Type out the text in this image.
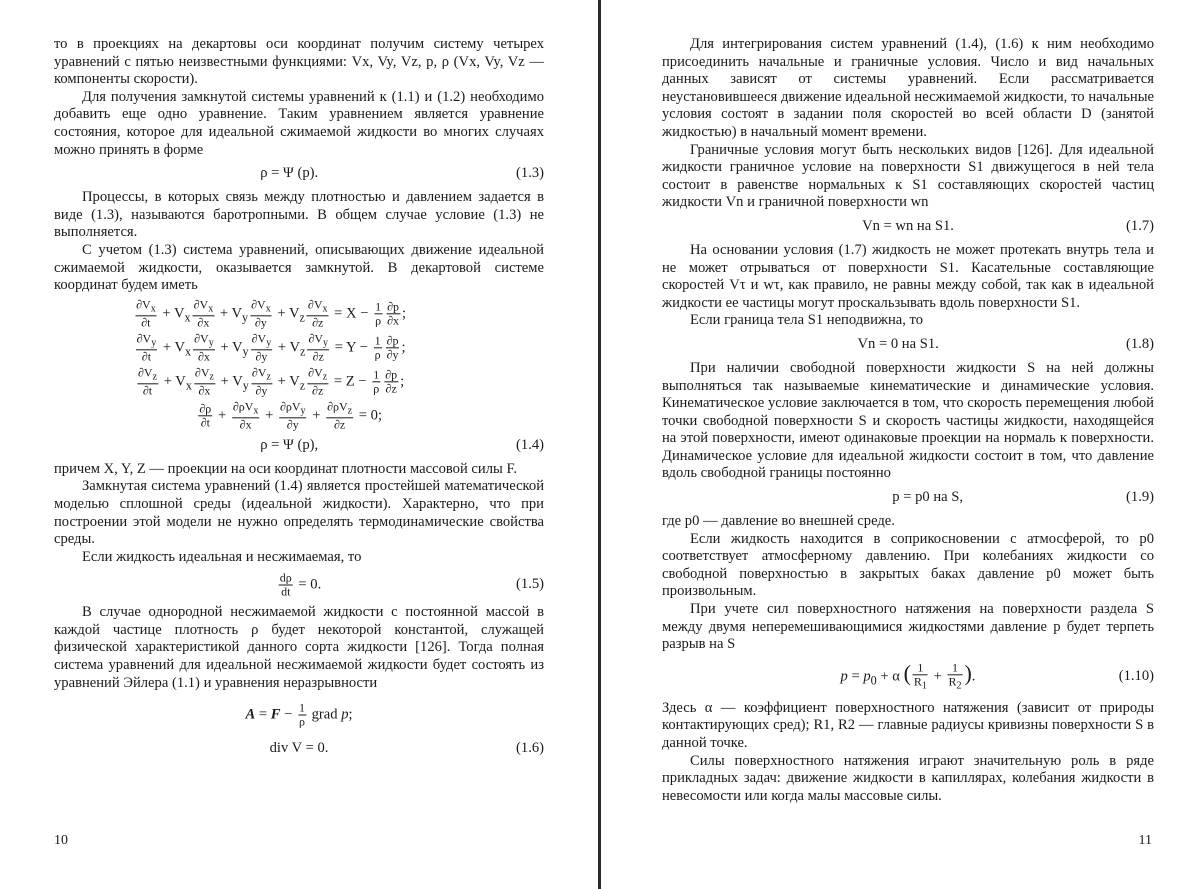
то в проекциях на декартовы оси координат получим систему четырех уравнений с пятью неизвестными функциями: Vx, Vy, Vz, p, ρ (Vx, Vy, Vz — компоненты скорости).

Для получения замкнутой системы уравнений к (1.1) и (1.2) необходимо добавить еще одно уравнение. Таким уравнением является уравнение состояния, которое для идеальной сжимаемой жидкости во многих случаях можно принять в форме

ρ = Ψ (p).	(1.3)

Процессы, в которых связь между плотностью и давлением задается в виде (1.3), называются баротропными. В общем случае условие (1.3) не выполняется.

С учетом (1.3) система уравнений, описывающих движение идеальной сжимаемой жидкости, оказывается замкнутой. В декартовой системе координат будем иметь

$\frac{\partial V_x}{\partial t} + V_x \frac{\partial V_x}{\partial x} + V_y \frac{\partial V_x}{\partial y} + V_z \frac{\partial V_x}{\partial z} = X - \frac{1}{\rho} \frac{\partial p}{\partial x}$ ;
$\frac{\partial V_y}{\partial t} + V_x \frac{\partial V_y}{\partial x} + V_y \frac{\partial V_y}{\partial y} + V_z \frac{\partial V_y}{\partial z} = Y - \frac{1}{\rho} \frac{\partial p}{\partial y}$ ;
$\frac{\partial V_z}{\partial t} + V_x \frac{\partial V_z}{\partial x} + V_y \frac{\partial V_z}{\partial y} + V_z \frac{\partial V_z}{\partial z} = Z - \frac{1}{\rho} \frac{\partial p}{\partial z}$ ;
$\frac{\partial\rho}{\partial t}$ +
$\partial\rho V_x$
∂x
+
$\partial\rho V_y$
∂y
+
$\partial\rho V_z$
∂z
= 0;
ρ = Ψ (p),	(1.4)

причем X, Y, Z — проекции на оси координат плотности массовой силы F.

Замкнутая система уравнений (1.4) является простейшей математической моделью сплошной среды (идеальной жидкости). Характерно, что при построении этой модели не нужно определять термодинамические свойства среды.

Если жидкость идеальная и несжимаемая, то

$\frac{d\rho}{dt} = 0$.	(1.5)

В случае однородной несжимаемой жидкости с постоянной массой в каждой частице плотность ρ будет некоторой константой, служащей физической характеристикой данного сорта жидкости [126]. Тогда полная система уравнений для идеальной несжимаемой жидкости будет состоять из уравнений Эйлера (1.1) и уравнения неразрывности

$A = F - \frac{1}{\rho}$ grad p;
div V = 0.	(1.6)
10

Для интегрирования систем уравнений (1.4), (1.6) к ним необходимо присоединить начальные и граничные условия. Число и вид начальных данных зависят от системы уравнений. Если рассматривается неустановившееся движение идеальной несжимаемой жидкости, то начальные условия состоят в задании поля скоростей во всей области D (занятой жидкостью) в начальный момент времени.

Граничные условия могут быть нескольких видов [126]. Для идеальной жидкости граничное условие на поверхности S1 движущегося в ней тела состоит в равенстве нормальных к S1 составляющих скоростей частиц жидкости Vn и граничной поверхности wn

Vn = wn на S1.	(1.7)

На основании условия (1.7) жидкость не может протекать внутрь тела и не может отрываться от поверхности S1. Касательные составляющие скоростей Vτ и wτ, как правило, не равны между собой, так как в идеальной жидкости ее частицы могут проскальзывать вдоль поверхности S1.

Если граница тела S1 неподвижна, то

Vn = 0 на S1.	(1.8)

При наличии свободной поверхности жидкости S на ней должны выполняться так называемые кинематические и динамические условия. Кинематическое условие заключается в том, что скорость перемещения любой точки свободной поверхности S и скорость частицы жидкости, находящейся на этой поверхности, имеют одинаковые проекции на нормаль к поверхности. Динамическое условие для идеальной жидкости состоит в том, что давление вдоль свободной границы постоянно

p = p0 на S,	(1.9)

где p0 — давление во внешней среде.

Если жидкость находится в соприкосновении с атмосферой, то p0 соответствует атмосферному давлению. При колебаниях жидкости со свободной поверхностью в закрытых баках давление p0 может быть произвольным.

При учете сил поверхностного натяжения на поверхности раздела S между двумя неперемешивающимися жидкостями давление p будет терпеть разрыв на S

$p = p_0 + \alpha$ ( $\frac{1}{R_1} + \frac{1}{R_2}$ ).	(1.10)

Здесь α — коэффициент поверхностного натяжения (зависит от природы контактирующих сред); R1, R2 — главные радиусы кривизны поверхности S в данной точке.

Силы поверхностного натяжения играют значительную роль в ряде прикладных задач: движение жидкости в капиллярах, колебания жидкости в невесомости или когда малы массовые силы.

11
